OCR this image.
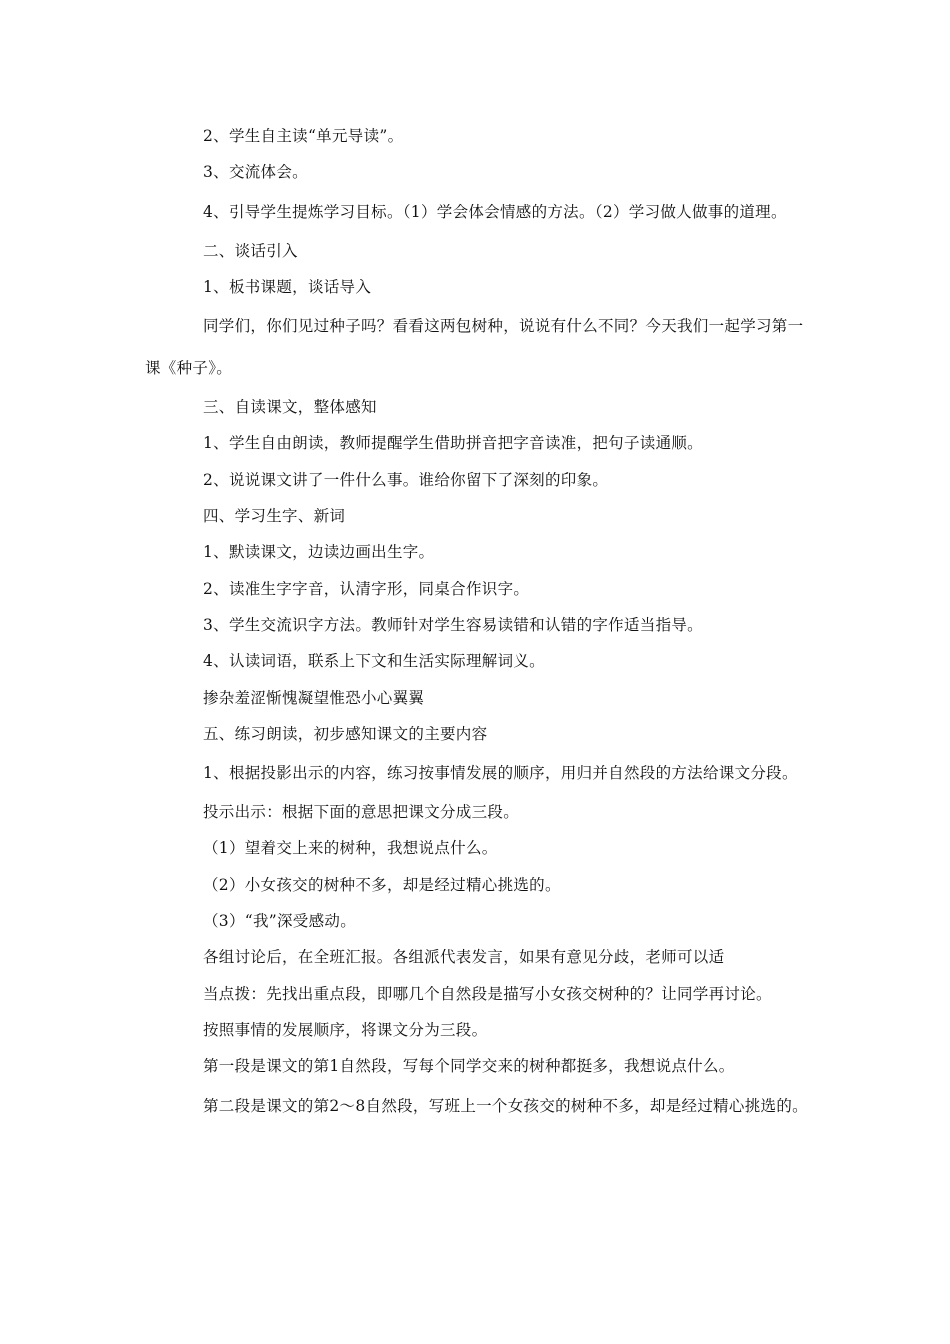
2、学生自主读“单元导读”。

3、交流体会。

4、引导学生提炼学习目标。（1）学会体会情感的方法。（2）学习做人做事的道理。

二、谈话引入

1、板书课题，谈话导入

同学们，你们见过种子吗？看看这两包树种，说说有什么不同？今天我们一起学习第一课《种子》。

三、自读课文，整体感知

1、学生自由朗读，教师提醒学生借助拼音把字音读准，把句子读通顺。

2、说说课文讲了一件什么事。谁给你留下了深刻的印象。

四、学习生字、新词

1、默读课文，边读边画出生字。

2、读准生字字音，认清字形，同桌合作识字。

3、学生交流识字方法。教师针对学生容易读错和认错的字作适当指导。

4、认读词语，联系上下文和生活实际理解词义。

掺杂羞涩惭愧凝望惟恐小心翼翼

五、练习朗读，初步感知课文的主要内容

1、根据投影出示的内容，练习按事情发展的顺序，用归并自然段的方法给课文分段。

投示出示：根据下面的意思把课文分成三段。

（1）望着交上来的树种，我想说点什么。

（2）小女孩交的树种不多，却是经过精心挑选的。

（3）“我”深受感动。

各组讨论后，在全班汇报。各组派代表发言，如果有意见分歧，老师可以适

当点拨：先找出重点段，即哪几个自然段是描写小女孩交树种的？让同学再讨论。

按照事情的发展顺序，将课文分为三段。

第一段是课文的第1自然段，写每个同学交来的树种都挺多，我想说点什么。

第二段是课文的第2～8自然段，写班上一个女孩交的树种不多，却是经过精心挑选的。
